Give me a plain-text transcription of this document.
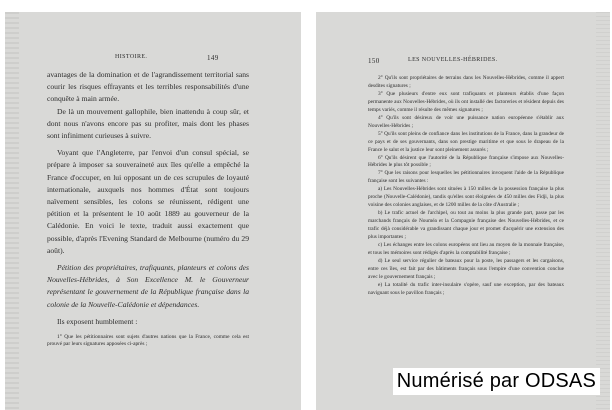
HISTOIRE.	149

avantages de la domination et de l'agrandissement territorial sans courir les risques effrayants et les terribles responsabilités d'une conquête à main armée.

De là un mouvement gallophile, bien inattendu à coup sûr, et dont nous n'avons encore pas su profiter, mais dont les phases sont infiniment curieuses à suivre.

Voyant que l'Angleterre, par l'envoi d'un consul spécial, se prépare à imposer sa souveraineté aux îles qu'elle a empêché la France d'occuper, en lui opposant un de ces scrupules de loyauté internationale, auxquels nos hommes d'État sont toujours naïvement sensibles, les colons se réunissent, rédigent une pétition et la présentent le 10 août 1889 au gouverneur de la Calédonie. En voici le texte, traduit aussi exactement que possible, d'après l'Evening Standard de Melbourne (numéro du 29 août).

Pétition des propriétaires, trafiquants, planteurs et colons des Nouvelles-Hébrides, à Son Excellence M. le Gouverneur représentant le gouvernement de la République française dans la colonie de la Nouvelle-Calédonie et dépendances.

Ils exposent humblement :

1° Que les pétitionnaires sont sujets d'autres nations que la France, comme cela est prouvé par leurs signatures apposées ci-après ;

150	LES NOUVELLES-HÉBRIDES.

2° Qu'ils sont propriétaires de terrains dans les Nouvelles-Hébrides, comme il appert desdites signatures ;

3° Que plusieurs d'entre eux sont trafiquants et planteurs établis d'une façon permanente aux Nouvelles-Hébrides, où ils ont installé des factoreries et résident depuis des temps variés, comme il résulte des mêmes signatures ;

4° Qu'ils sont désireux de voir une puissance nation européenne s'établir aux Nouvelles-Hébrides ;

5° Qu'ils sont pleins de confiance dans les institutions de la France, dans la grandeur de ce pays et de ses gouvernants, dans son prestige maritime et que sous le drapeau de la France le salut et la justice leur sont pleinement assurés ;

6° Qu'ils désirent que l'autorité de la République française s'impose aux Nouvelles-Hébrides le plus tôt possible ;

7° Que les raisons pour lesquelles les pétitionnaires invoquent l'aide de la République française sont les suivantes :

a) Les Nouvelles-Hébrides sont situées à 150 milles de la possession française la plus proche (Nouvelle-Calédonie), tandis qu'elles sont éloignées de 450 milles des Fidji, la plus voisine des colonies anglaises, et de 1200 milles de la côte d'Australie ;

b) Le trafic actuel de l'archipel, ou tout au moins la plus grande part, passe par les marchands français de Nouméa et la Compagnie française des Nouvelles-Hébrides, et ce trafic déjà considérable va grandissant chaque jour et promet d'acquérir une extension des plus importantes ;

c) Les échanges entre les colons européens ont lieu au moyen de la monnaie française, et tous les mémoires sont rédigés d'après la comptabilité française ;

d) Le seul service régulier de bateaux pour la poste, les passagers et les cargaisons, entre ces îles, est fait par des bâtiments français sous l'empire d'une convention conclue avec le gouvernement français ;

e) La totalité du trafic inter-insulaire s'opère, sauf une exception, par des bateaux naviguant sous le pavillon français ;

Numérisé par ODSAS
